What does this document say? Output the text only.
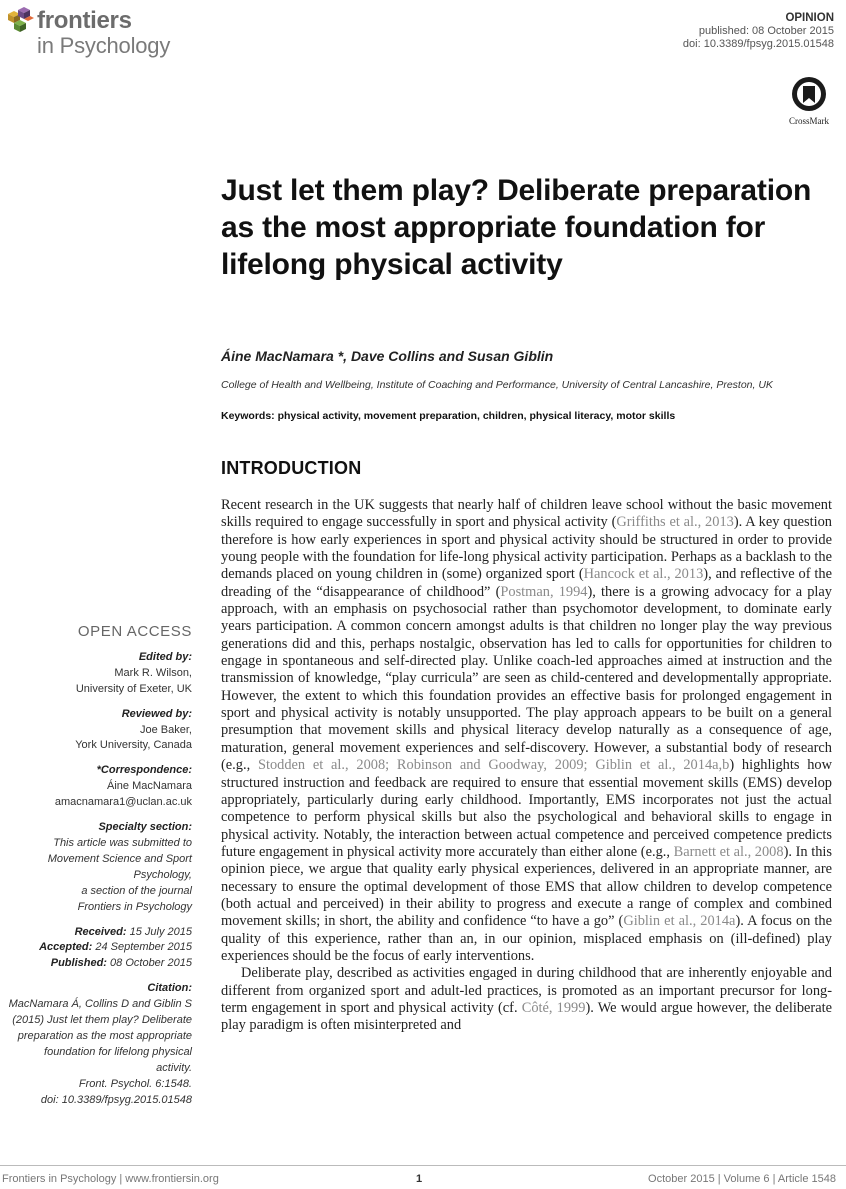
frontiers
in Psychology
OPINION
published: 08 October 2015
doi: 10.3389/fpsyg.2015.01548
CrossMark
Just let them play? Deliberate preparation as the most appropriate foundation for lifelong physical activity
Áine MacNamara *, Dave Collins and Susan Giblin
College of Health and Wellbeing, Institute of Coaching and Performance, University of Central Lancashire, Preston, UK
Keywords: physical activity, movement preparation, children, physical literacy, motor skills
INTRODUCTION

Recent research in the UK suggests that nearly half of children leave school without the basic movement skills required to engage successfully in sport and physical activity (Griffiths et al., 2013). A key question therefore is how early experiences in sport and physical activity should be structured in order to provide young people with the foundation for life-long physical activity participation. Perhaps as a backlash to the demands placed on young children in (some) organized sport (Hancock et al., 2013), and reflective of the dreading of the “disappearance of childhood” (Postman, 1994), there is a growing advocacy for a play approach, with an emphasis on psychosocial rather than psychomotor development, to dominate early years participation. A common concern amongst adults is that children no longer play the way previous generations did and this, perhaps nostalgic, observation has led to calls for opportunities for children to engage in spontaneous and self-directed play. Unlike coach-led approaches aimed at instruction and the transmission of knowledge, “play curricula” are seen as child-centered and developmentally appropriate. However, the extent to which this foundation provides an effective basis for prolonged engagement in sport and physical activity is notably unsupported. The play approach appears to be built on a general presumption that movement skills and physical literacy develop naturally as a consequence of age, maturation, general movement experiences and self-discovery. However, a substantial body of research (e.g., Stodden et al., 2008; Robinson and Goodway, 2009; Giblin et al., 2014a,b) highlights how structured instruction and feedback are required to ensure that essential movement skills (EMS) develop appropriately, particularly during early childhood. Importantly, EMS incorporates not just the actual competence to perform physical skills but also the psychological and behavioral skills to engage in physical activity. Notably, the interaction between actual competence and perceived competence predicts future engagement in physical activity more accurately than either alone (e.g., Barnett et al., 2008). In this opinion piece, we argue that quality early physical experiences, delivered in an appropriate manner, are necessary to ensure the optimal development of those EMS that allow children to develop competence (both actual and perceived) in their ability to progress and execute a range of complex and combined movement skills; in short, the ability and confidence “to have a go” (Giblin et al., 2014a). A focus on the quality of this experience, rather than an, in our opinion, misplaced emphasis on (ill-defined) play experiences should be the focus of early interventions.

Deliberate play, described as activities engaged in during childhood that are inherently enjoyable and different from organized sport and adult-led practices, is promoted as an important precursor for long-term engagement in sport and physical activity (cf. Côté, 1999). We would argue however, the deliberate play paradigm is often misinterpreted and

OPEN ACCESS
Edited by:
Mark R. Wilson,
University of Exeter, UK
Reviewed by:
Joe Baker,
York University, Canada
*Correspondence:
Áine MacNamara
amacnamara1@uclan.ac.uk
Specialty section:
This article was submitted to
Movement Science and Sport
Psychology,
a section of the journal
Frontiers in Psychology
Received: 15 July 2015
Accepted: 24 September 2015
Published: 08 October 2015
Citation:
MacNamara Á, Collins D and Giblin S
(2015) Just let them play? Deliberate
preparation as the most appropriate
foundation for lifelong physical activity.
Front. Psychol. 6:1548.
doi: 10.3389/fpsyg.2015.01548
Frontiers in Psychology | www.frontiersin.org	1	October 2015 | Volume 6 | Article 1548
